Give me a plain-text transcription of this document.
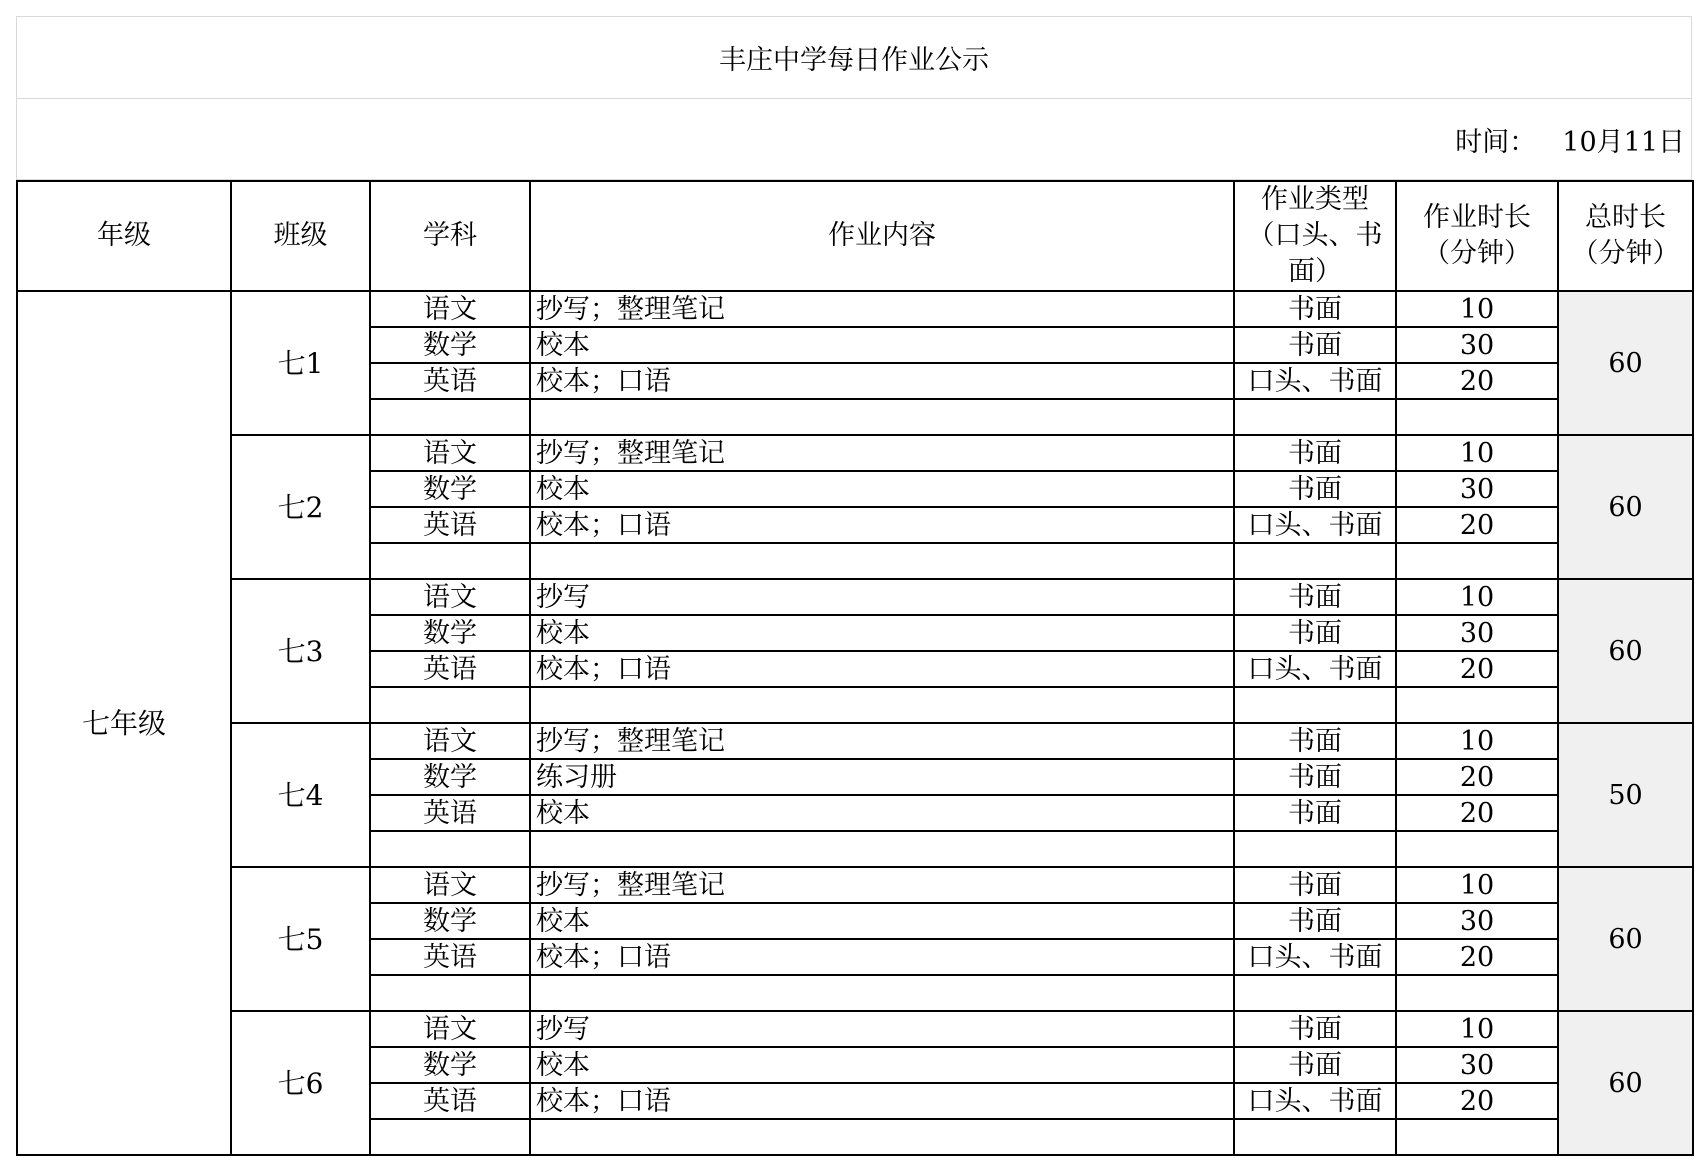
丰庄中学每日作业公示
时间： 10月11日
年级	班级	学科	作业内容	作业类型（口头、书面）	作业时长（分钟）	总时长（分钟）
七年级	七1	语文	抄写；整理笔记	书面	10	60
		数学	校本	书面	30	
		英语	校本；口语	口头、书面	20	

	七2	语文	抄写；整理笔记	书面	10	60
		数学	校本	书面	30	
		英语	校本；口语	口头、书面	20	

	七3	语文	抄写	书面	10	60
		数学	校本	书面	30	
		英语	校本；口语	口头、书面	20	

	七4	语文	抄写；整理笔记	书面	10	50
		数学	练习册	书面	20	
		英语	校本	书面	20	

	七5	语文	抄写；整理笔记	书面	10	60
		数学	校本	书面	30	
		英语	校本；口语	口头、书面	20	

	七6	语文	抄写	书面	10	60
		数学	校本	书面	30	
		英语	校本；口语	口头、书面	20	
